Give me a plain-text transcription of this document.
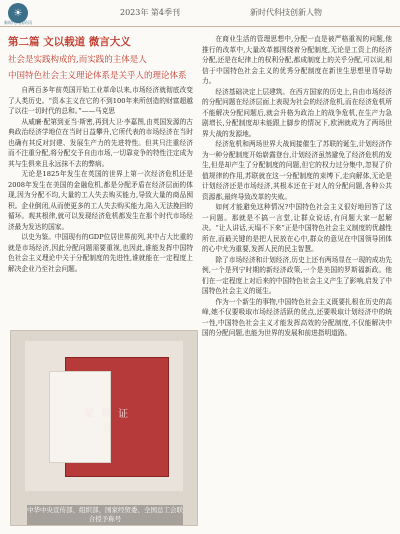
☀
新时代科技资讯
2023年 第4季刊	新时代科技创新人物
第二篇 文以载道 微言大义
社会是实践构成的,而实践的主体是人
中国特色社会主义理论体系是关乎人的理论体系

自两百多年前英国开始工业革命以来,市场经济就彻底改变了人类历史。“资本主义在它的不到100年来所创造的财富超越了以往一切时代的总和。”——马克思

从威廉·配第到亚当·斯密,再到大卫·李嘉图,由英国发源的古典政治经济学地位在当时日益攀升,它所代表的市场经济在当时也确有其反对封建、发展生产力的先进特性。但其只注重经济而不注重分配,将分配交予自由市场,一切靠竞争的特性注定成为其与生俱来且永远抹不去的弊病。

无论是1825年发生在英国的世界上第一次经济危机还是2008年发生在美国的金融危机,都是分配矛盾在经济层面的体现,因为分配不均,大量的工人失去购买能力,导致大量的商品囤积。企业倒闭,从而使更多的工人失去购买能力,陷入无法挽回的循环。观其根律,就可以发现经济危机都发生在那个时代市场经济最为发达的国家。

以史为鉴。中国现有的GDP位居世界前列,其中占大比重的就是市场经济,因此分配问题需要重视,也因此,谁能发挥中国特色社会主义理论中关于分配制度的先进性,谁就能在一定程度上解决企业乃至社会问题。

在商业生活的管理思想中,分配一直是被严格重视的问题,他推行的改革中,大量改革都围绕着分配制度,无论是工资上的经济分配,还是在纪律上的权利分配,都成制度上的关乎分配,可以说,相信于中国特色社会主义的优秀分配制度在新世生思想里背导助力。

经济基础决定上层建筑。在西方国家的历史上,自由市场经济的分配问题在经济层面上表现为社会的经济危机,而在经济危机所不能解决分配问题后,就会升格为政治上的战争危机,在生产力急剧增长,分配制度却未能跟上脚步的情况下,欧洲就成为了两场世界大战的发源地。

经济危机和两场世界大战间接催生了苏联的诞生,计划经济作为一种分配制度开始崭露登台,计划经济虽然避免了经济危机的发生,但是却产生了分配制度的问题,但它的权力过分集中,忽视了价值规律的作用,苏联就在这一分配制度的束缚下,走向解体,无论是计划经济还是市场经济,其根本还在于对人的分配问题,各种公共资源都,最终导致改革的失败。

如何才能避免这种情况?中国特色社会主义很好地回答了这一问题。那就是不搞一言堂,让群众说话,有问题大家一起解决。“让人讲话,天塌不下来”正是中国特色社会主义制度的优越性所在,而最关键的是把人民放在心中,群众的意见在中国领导团体的心中尤为重要,发挥人民的民主智慧。

除了市场经济和计划经济,历史上还有两场显在一现的成功先例,一个是列宁时期的新经济政策,一个是美国的罗斯福新政。他们在一定程度上对后来的中国特色社会主义产生了影响,启发了中国特色社会主义的诞生。

作为一个新生的事物,中国特色社会主义既要扎根在历史的高峰,她不仅要吸取市场经济活跃的优点,还要吸取计划经济中的统一性,中国特色社会主义才能发挥高效的分配制度,不仅能解决中国的分配问题,也能为世界的发展和前进指明道路。

荣 誉 证 书
中华中央宣传部、组织部、国家经贸委、全国总工会联合授予称号
